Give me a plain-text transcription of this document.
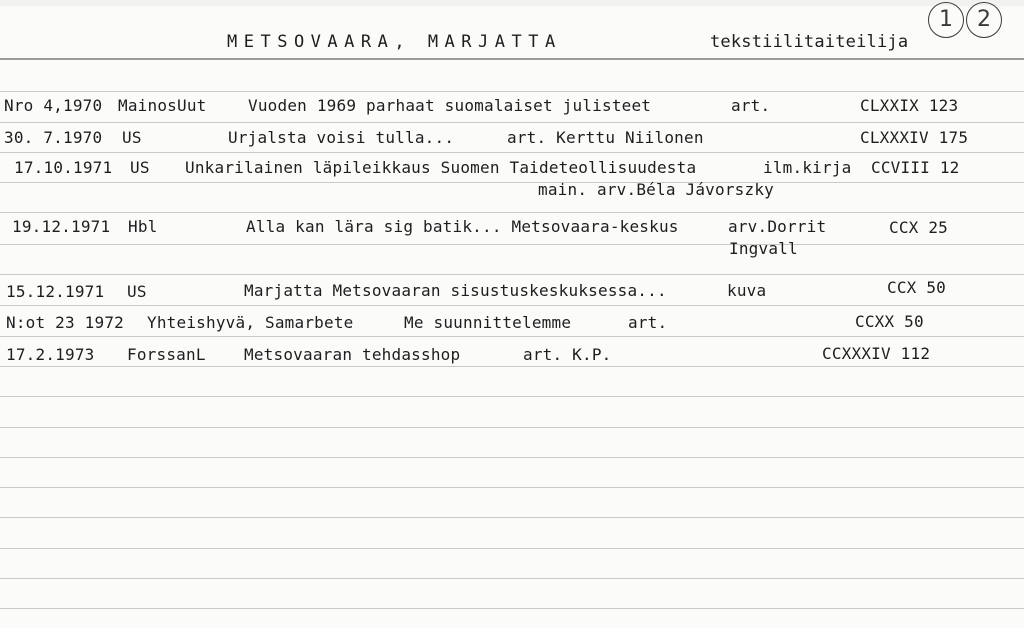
METSOVAARA, MARJATTA	tekstiilitaiteilija
1 2
Nro 4,1970 MainosUut	Vuoden 1969 parhaat suomalaiset julisteet	art.	CLXXIX 123
30. 7.1970 US	Urjalsta voisi tulla...	art. Kerttu Niilonen	CLXXXIV 175
17.10.1971 US Unkarilainen läpileikkaus Suomen Taideteollisuudesta	ilm.kirja CCVIII 12
main. arv.Béla Jávorszky
19.12.1971 Hbl	Alla kan lära sig batik... Metsovaara-keskus	arv.Dorrit	CCX 25
Ingvall
15.12.1971 US	Marjatta Metsovaaran sisustuskeskuksessa...	kuva	CCX 50
N:ot 23 1972 Yhteishyvä, Samarbete	Me suunnittelemme	art.	CCXX 50
17.2.1973 ForssanL Metsovaaran tehdasshop	art. K.P.	CCXXXIV 112
